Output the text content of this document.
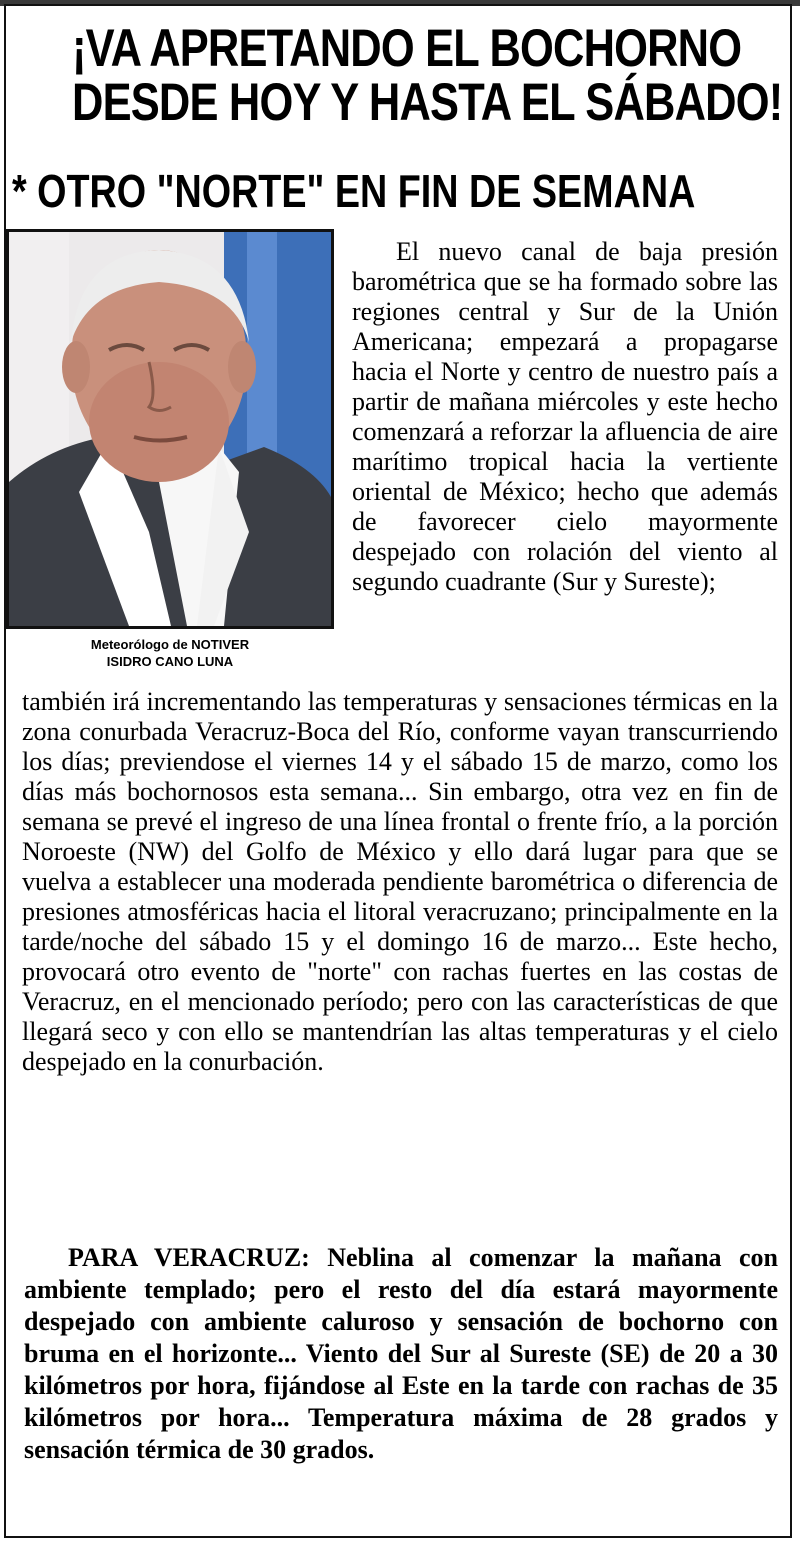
¡VA APRETANDO EL BOCHORNO
DESDE HOY Y HASTA EL SÁBADO!
* OTRO "NORTE" EN FIN DE SEMANA
Meteorólogo de NOTIVER
ISIDRO CANO LUNA
El nuevo canal de baja presión barométrica que se ha formado sobre las regiones central y Sur de la Unión Americana; empezará a propagarse hacia el Norte y centro de nuestro país a partir de mañana miércoles y este hecho comenzará a reforzar la afluencia de aire marítimo tropical hacia la vertiente oriental de México; hecho que además de favorecer cielo mayormente despejado con rolación del viento al segundo cuadrante (Sur y Sureste);
también irá incrementando las temperaturas y sensaciones térmicas en la zona conurbada Veracruz-Boca del Río, conforme vayan transcurriendo los días; previendose el viernes 14 y el sábado 15 de marzo, como los días más bochornosos esta semana... Sin embargo, otra vez en fin de semana se prevé el ingreso de una línea frontal o frente frío, a la porción Noroeste (NW) del Golfo de México y ello dará lugar para que se vuelva a establecer una moderada pendiente barométrica o diferencia de presiones atmosféricas hacia el litoral veracruzano; principalmente en la tarde/noche del sábado 15 y el domingo 16 de marzo... Este hecho, provocará otro evento de "norte" con rachas fuertes en las costas de Veracruz, en el mencionado período; pero con las características de que llegará seco y con ello se mantendrían las altas temperaturas y el cielo despejado en la conurbación.
PARA VERACRUZ: Neblina al comenzar la mañana con ambiente templado; pero el resto del día estará mayormente despejado con ambiente caluroso y sensación de bochorno con bruma en el horizonte... Viento del Sur al Sureste (SE) de 20 a 30 kilómetros por hora, fijándose al Este en la tarde con rachas de 35 kilómetros por hora... Temperatura máxima de 28 grados y sensación térmica de 30 grados.
